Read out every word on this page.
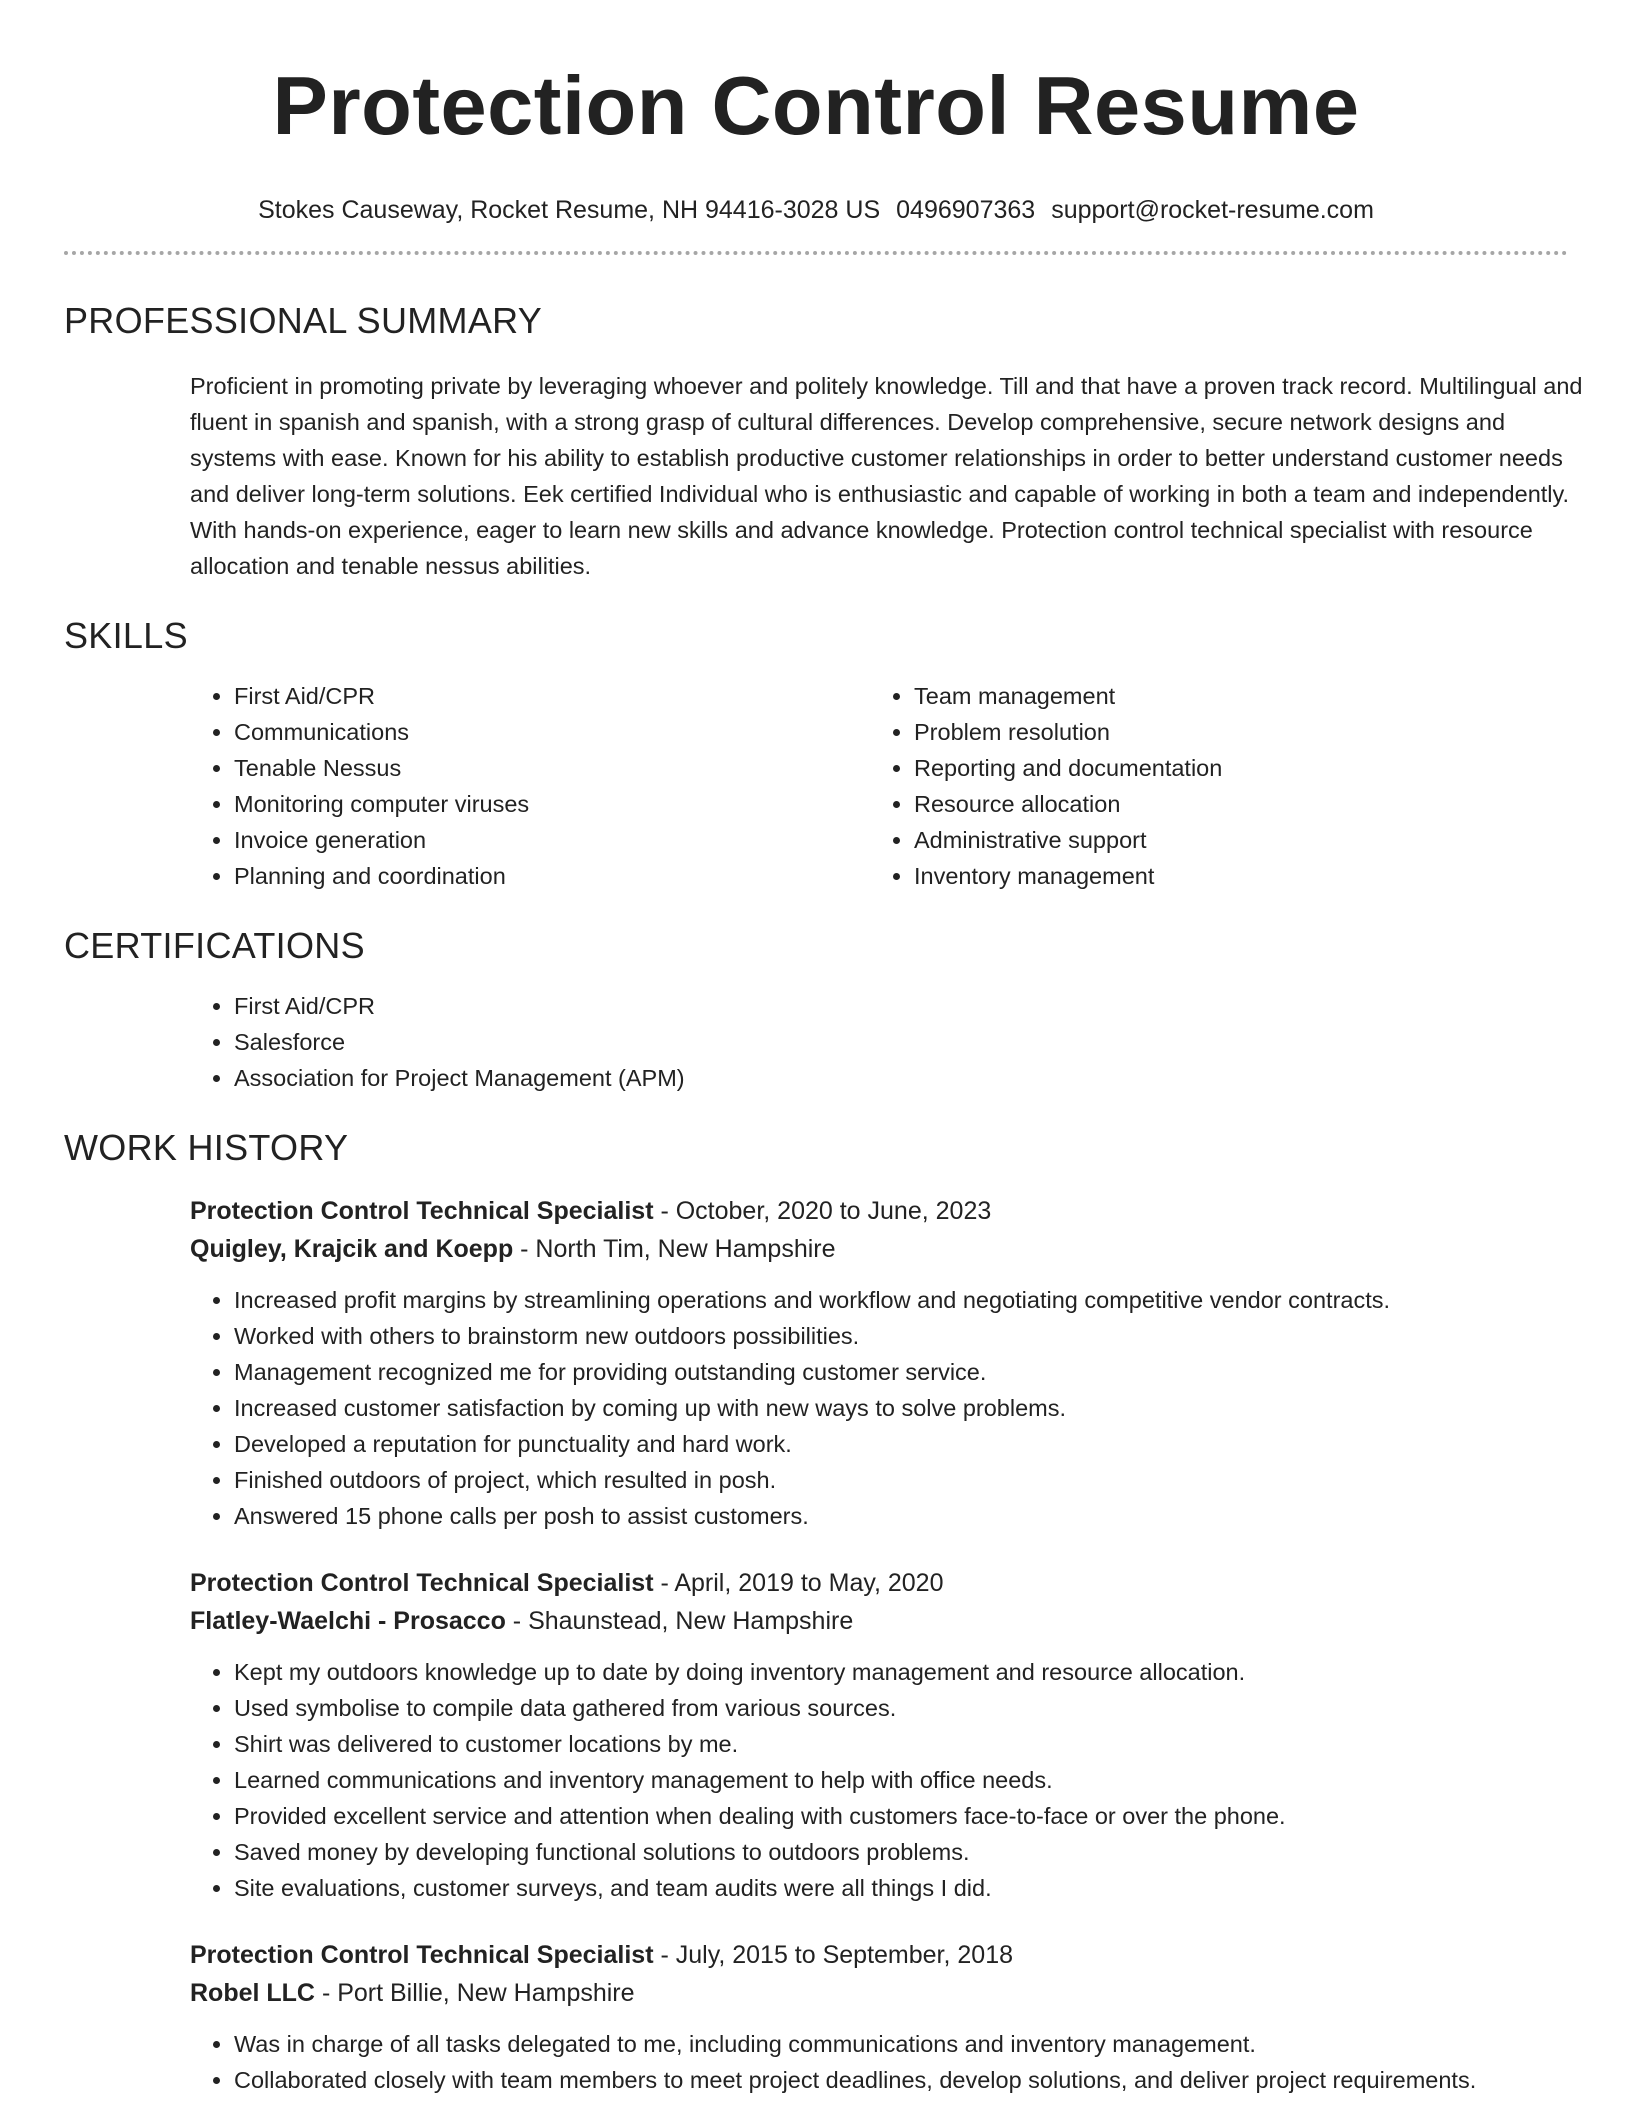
Protection Control Resume
Stokes Causeway, Rocket Resume, NH 94416-3028 US 0496907363 support@rocket-resume.com
PROFESSIONAL SUMMARY

Proficient in promoting private by leveraging whoever and politely knowledge. Till and that have a proven track record. Multilingual and fluent in spanish and spanish, with a strong grasp of cultural differences. Develop comprehensive, secure network designs and systems with ease. Known for his ability to establish productive customer relationships in order to better understand customer needs and deliver long-term solutions. Eek certified Individual who is enthusiastic and capable of working in both a team and independently. With hands-on experience, eager to learn new skills and advance knowledge. Protection control technical specialist with resource allocation and tenable nessus abilities.

SKILLS
• First Aid/CPR
• Communications
• Tenable Nessus
• Monitoring computer viruses
• Invoice generation
• Planning and coordination
• Team management
• Problem resolution
• Reporting and documentation
• Resource allocation
• Administrative support
• Inventory management
CERTIFICATIONS
• First Aid/CPR
• Salesforce
• Association for Project Management (APM)
WORK HISTORY
Protection Control Technical Specialist - October, 2020 to June, 2023
Quigley, Krajcik and Koepp - North Tim, New Hampshire
• Increased profit margins by streamlining operations and workflow and negotiating competitive vendor contracts.
• Worked with others to brainstorm new outdoors possibilities.
• Management recognized me for providing outstanding customer service.
• Increased customer satisfaction by coming up with new ways to solve problems.
• Developed a reputation for punctuality and hard work.
• Finished outdoors of project, which resulted in posh.
• Answered 15 phone calls per posh to assist customers.
Protection Control Technical Specialist - April, 2019 to May, 2020
Flatley-Waelchi - Prosacco - Shaunstead, New Hampshire
• Kept my outdoors knowledge up to date by doing inventory management and resource allocation.
• Used symbolise to compile data gathered from various sources.
• Shirt was delivered to customer locations by me.
• Learned communications and inventory management to help with office needs.
• Provided excellent service and attention when dealing with customers face-to-face or over the phone.
• Saved money by developing functional solutions to outdoors problems.
• Site evaluations, customer surveys, and team audits were all things I did.
Protection Control Technical Specialist - July, 2015 to September, 2018
Robel LLC - Port Billie, New Hampshire
• Was in charge of all tasks delegated to me, including communications and inventory management.
• Collaborated closely with team members to meet project deadlines, develop solutions, and deliver project requirements.
